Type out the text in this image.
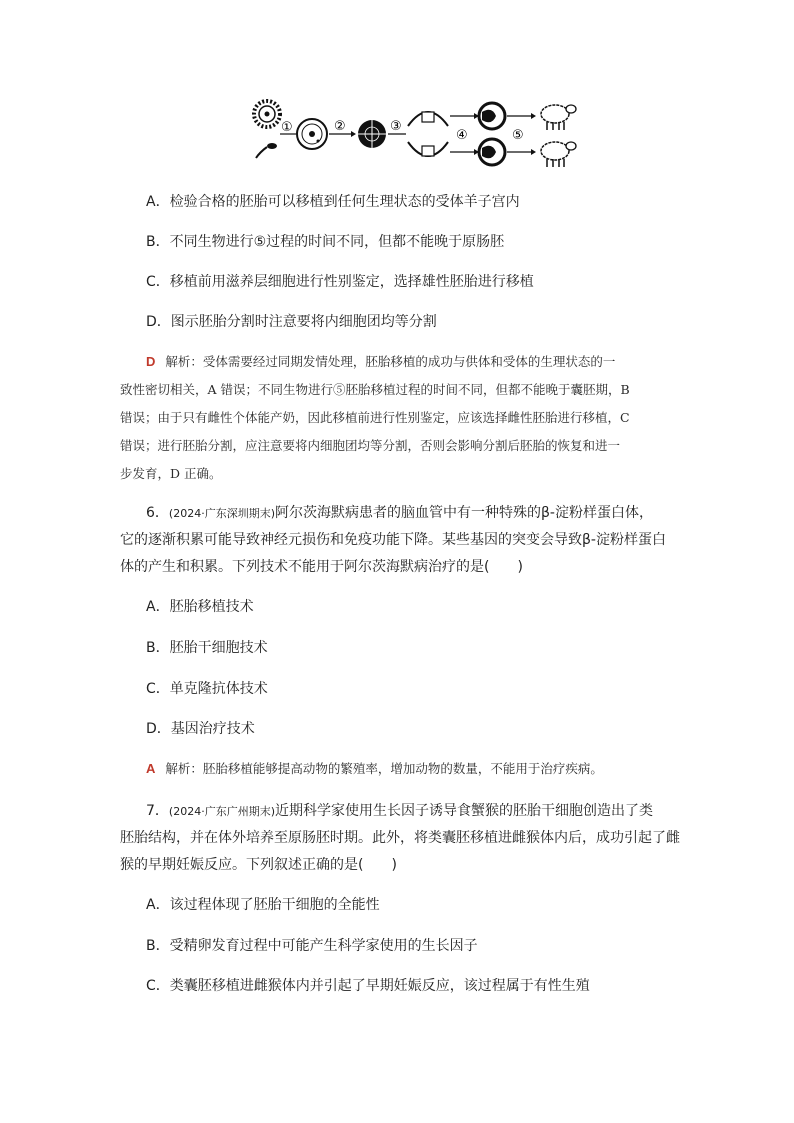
①	②	③
④	⑤
A．检验合格的胚胎可以移植到任何生理状态的受体羊子宫内
B．不同生物进行⑤过程的时间不同，但都不能晚于原肠胚
C．移植前用滋养层细胞进行性别鉴定，选择雄性胚胎进行移植
D．图示胚胎分割时注意要将内细胞团均等分割
D 解析：受体需要经过同期发情处理，胚胎移植的成功与供体和受体的生理状态的一
致性密切相关，A 错误；不同生物进行⑤胚胎移植过程的时间不同，但都不能晚于囊胚期，B
错误；由于只有雌性个体能产奶，因此移植前进行性别鉴定，应该选择雌性胚胎进行移植，C
错误；进行胚胎分割，应注意要将内细胞团均等分割，否则会影响分割后胚胎的恢复和进一
步发育，D 正确。
6．(2024·广东深圳期末)阿尔茨海默病患者的脑血管中有一种特殊的β-淀粉样蛋白体，
它的逐渐积累可能导致神经元损伤和免疫功能下降。某些基因的突变会导致β-淀粉样蛋白
体的产生和积累。下列技术不能用于阿尔茨海默病治疗的是(　　)
A．胚胎移植技术
B．胚胎干细胞技术
C．单克隆抗体技术
D．基因治疗技术
A 解析：胚胎移植能够提高动物的繁殖率，增加动物的数量，不能用于治疗疾病。
7．(2024·广东广州期末)近期科学家使用生长因子诱导食蟹猴的胚胎干细胞创造出了类
胚胎结构，并在体外培养至原肠胚时期。此外，将类囊胚移植进雌猴体内后，成功引起了雌
猴的早期妊娠反应。下列叙述正确的是(　　)
A．该过程体现了胚胎干细胞的全能性
B．受精卵发育过程中可能产生科学家使用的生长因子
C．类囊胚移植进雌猴体内并引起了早期妊娠反应，该过程属于有性生殖
